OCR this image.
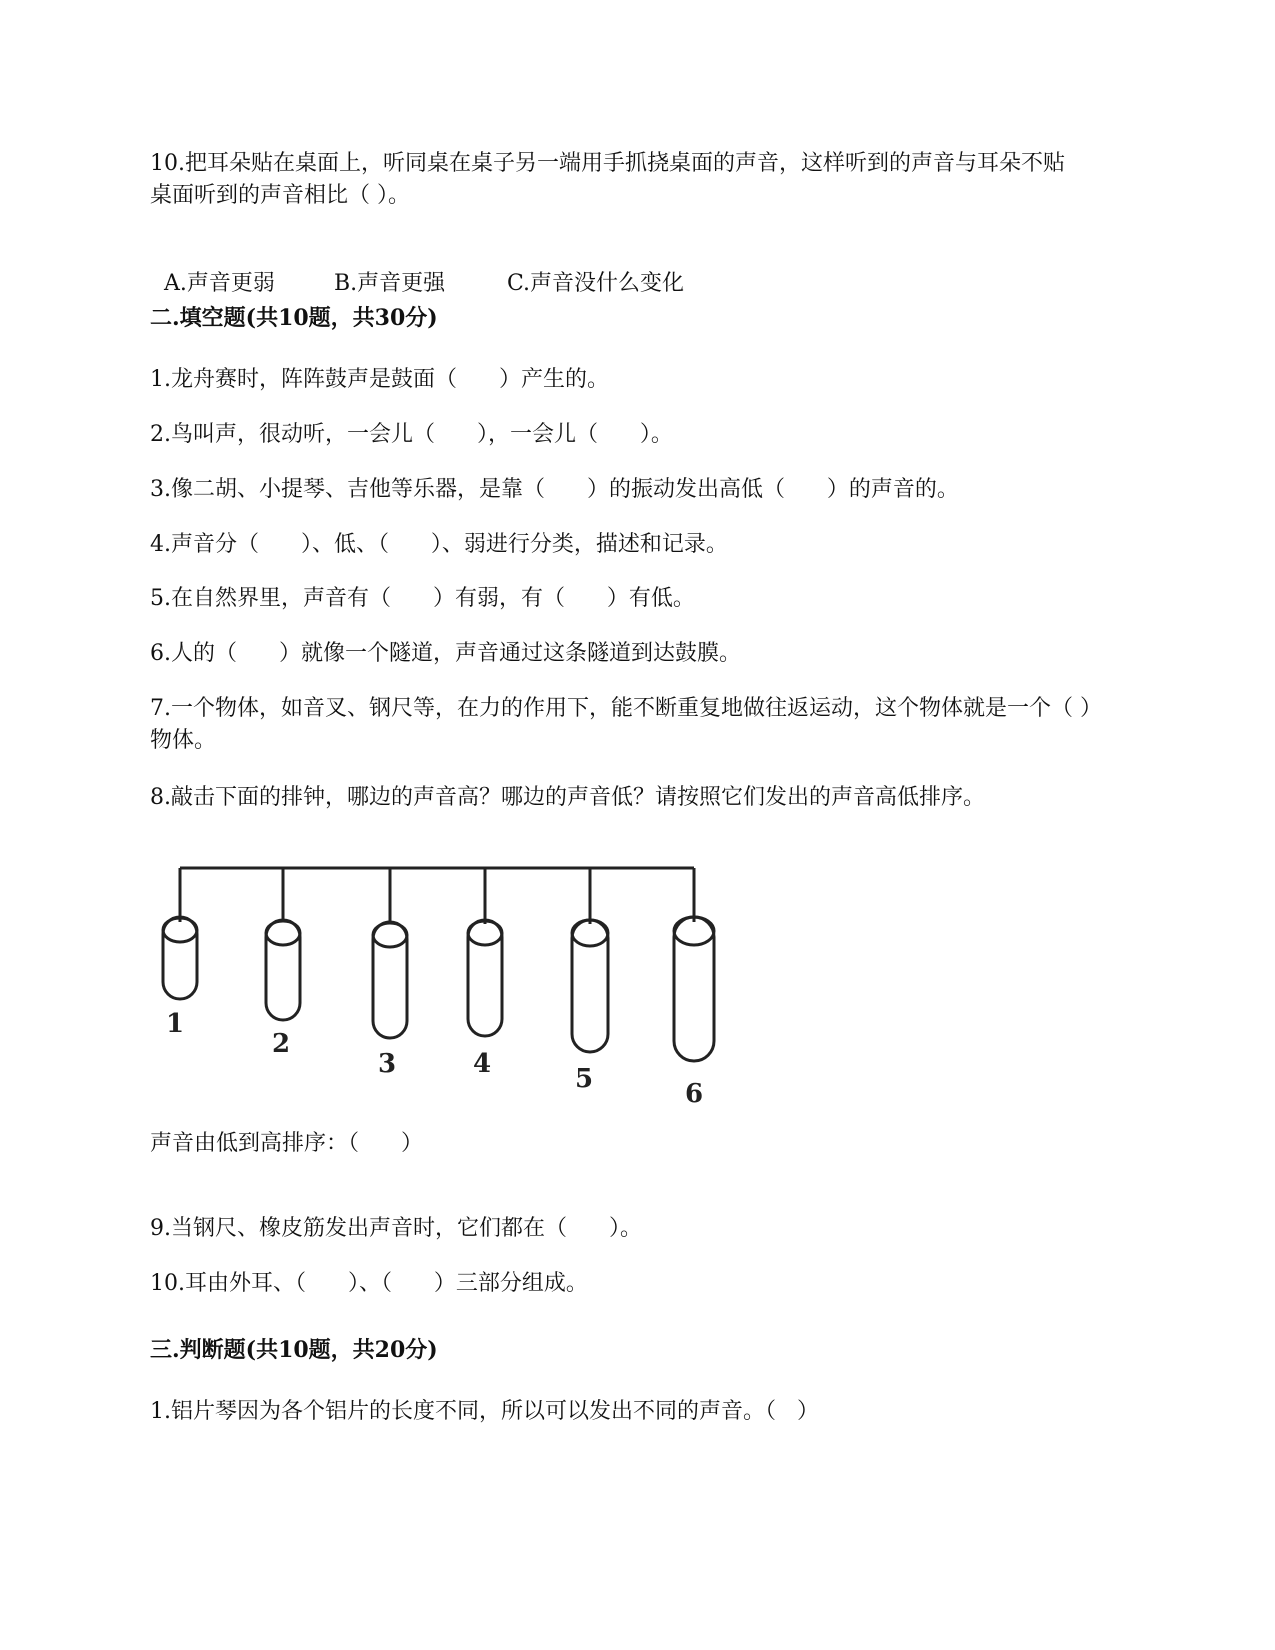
10.把耳朵贴在桌面上，听同桌在桌子另一端用手抓挠桌面的声音，这样听到的声音与耳朵不贴桌面听到的声音相比（ ）。

A.声音更弱	B.声音更强	C.声音没什么变化

二.填空题(共10题，共30分)
1.龙舟赛时，阵阵鼓声是鼓面（      ）产生的。
2.鸟叫声，很动听，一会儿（      ），一会儿（      ）。
3.像二胡、小提琴、吉他等乐器，是靠（      ）的振动发出高低（      ）的声音的。
4.声音分（      ）、低、（      ）、弱进行分类，描述和记录。
5.在自然界里，声音有（      ）有弱，有（      ）有低。
6.人的（      ）就像一个隧道，声音通过这条隧道到达鼓膜。
7.一个物体，如音叉、钢尺等，在力的作用下，能不断重复地做往返运动，这个物体就是一个（ ）物体。
8.敲击下面的排钟，哪边的声音高？哪边的声音低？请按照它们发出的声音高低排序。
1
2
3	4	5	6
声音由低到高排序：（      ）
9.当钢尺、橡皮筋发出声音时，它们都在（      ）。
10.耳由外耳、（      ）、（      ）三部分组成。
三.判断题(共10题，共20分)
1.铝片琴因为各个铝片的长度不同，所以可以发出不同的声音。（   ）
